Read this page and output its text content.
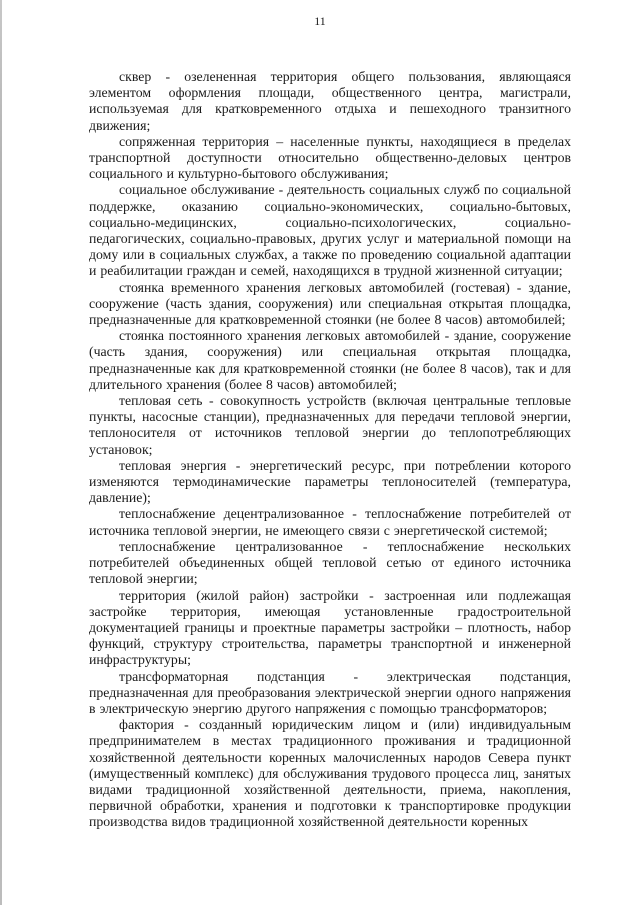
11

сквер - озелененная территория общего пользования, являющаяся элементом оформления площади, общественного центра, магистрали, используемая для кратковременного отдыха и пешеходного транзитного движения;

сопряженная территория – населенные пункты, находящиеся в пределах транспортной доступности относительно общественно-деловых центров социального и культурно-бытового обслуживания;

социальное обслуживание - деятельность социальных служб по социальной поддержке, оказанию социально-экономических, социально-бытовых, социально-медицинских, социально-психологических, социально-педагогических, социально-правовых, других услуг и материальной помощи на дому или в социальных службах, а также по проведению социальной адаптации и реабилитации граждан и семей, находящихся в трудной жизненной ситуации;

стоянка временного хранения легковых автомобилей (гостевая) - здание, сооружение (часть здания, сооружения) или специальная открытая площадка, предназначенные для кратковременной стоянки (не более 8 часов) автомобилей;

стоянка постоянного хранения легковых автомобилей - здание, сооружение (часть здания, сооружения) или специальная открытая площадка, предназначенные как для кратковременной стоянки (не более 8 часов), так и для длительного хранения (более 8 часов) автомобилей;

тепловая сеть - совокупность устройств (включая центральные тепловые пункты, насосные станции), предназначенных для передачи тепловой энергии, теплоносителя от источников тепловой энергии до теплопотребляющих установок;

тепловая энергия - энергетический ресурс, при потреблении которого изменяются термодинамические параметры теплоносителей (температура, давление);

теплоснабжение децентрализованное - теплоснабжение потребителей от источника тепловой энергии, не имеющего связи с энергетической системой;

теплоснабжение централизованное - теплоснабжение нескольких потребителей объединенных общей тепловой сетью от единого источника тепловой энергии;

территория (жилой район) застройки - застроенная или подлежащая застройке территория, имеющая установленные градостроительной документацией границы и проектные параметры застройки – плотность, набор функций, структуру строительства, параметры транспортной и инженерной инфраструктуры;

трансформаторная подстанция - электрическая подстанция, предназначенная для преобразования электрической энергии одного напряжения в электрическую энергию другого напряжения с помощью трансформаторов;

фактория - созданный юридическим лицом и (или) индивидуальным предпринимателем в местах традиционного проживания и традиционной хозяйственной деятельности коренных малочисленных народов Севера пункт (имущественный комплекс) для обслуживания трудового процесса лиц, занятых видами традиционной хозяйственной деятельности, приема, накопления, первичной обработки, хранения и подготовки к транспортировке продукции производства видов традиционной хозяйственной деятельности коренных
